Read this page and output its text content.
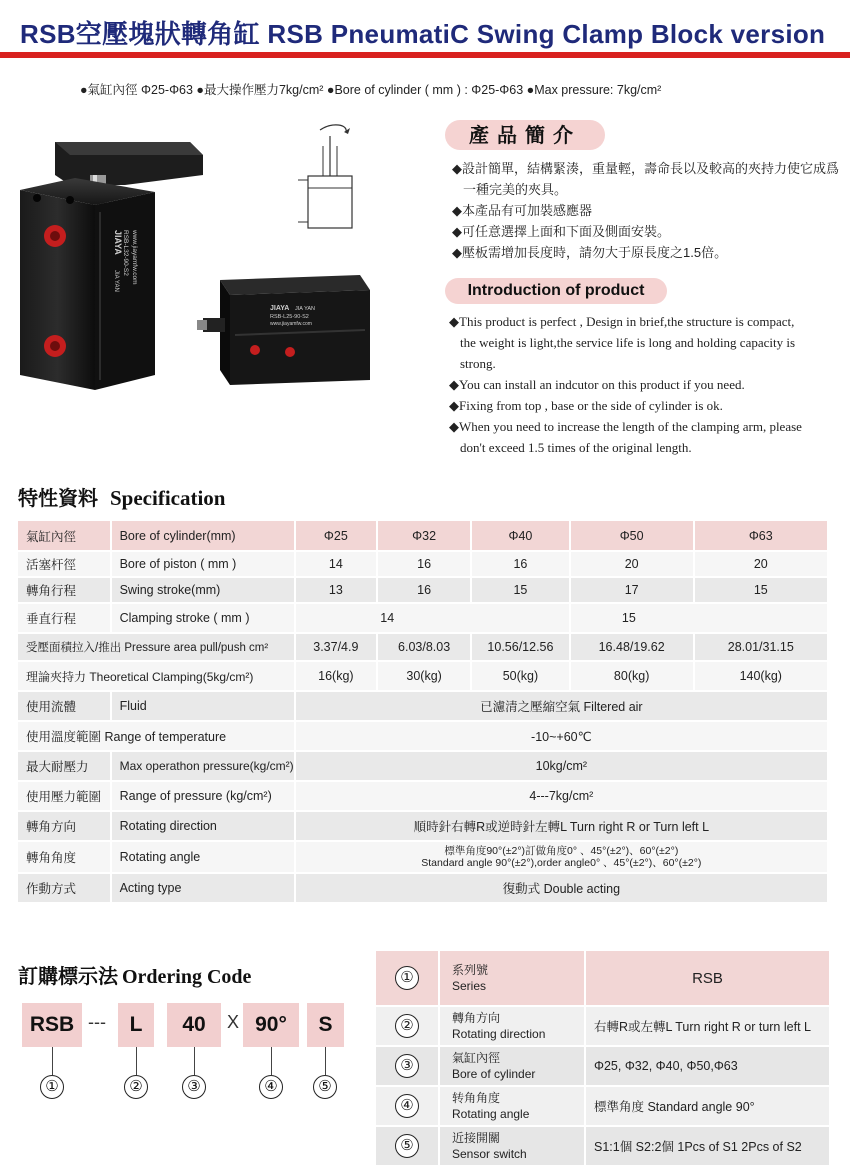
RSB空壓塊狀轉角缸 RSB PneumatiC Swing Clamp Block version
●氣缸內徑 Φ25-Φ63 ●最大操作壓力7kg/cm² ●Bore of cylinder ( mm ) : Φ25-Φ63 ●Max pressure: 7kg/cm²
JIAYA
JIA YAN
RSB-L32-90-S2 www.jiayamfw.com
JIAYA JIA YAN
RSB-L25-90-S2
www.jiayamfw.com
產品簡介
◆設計簡單，結構緊湊，重量輕，壽命長以及較高的夾持力使它成爲
一種完美的夾具。
◆本產品有可加裝感應器
◆可任意選擇上面和下面及側面安裝。
◆壓板需增加長度時，請勿大于原長度之1.5倍。
Introduction of product
◆This product is perfect , Design in brief,the structure is compact,
the weight is light,the service life is long and holding capacity is
strong.
◆You can install an indcutor on this product if you need.
◆Fixing from top , base or the side of cylinder is ok.
◆When you need to increase the length of the clamping arm, please
don't exceed 1.5 times of the original length.
特性資料 Specification
氣缸內徑	Bore of cylinder(mm)	Φ25	Φ32	Φ40	Φ50	Φ63
活塞杆徑	Bore of piston ( mm )	14	16	16	20	20
轉角行程	Swing stroke(mm)	13	16	15	17	15
垂直行程	Clamping stroke ( mm )	14			15	
受壓面積拉入/推出 Pressure area pull/push cm²		3.37/4.9	6.03/8.03	10.56/12.56	16.48/19.62	28.01/31.15
理論夾持力 Theoretical Clamping(5kg/cm²)		16(kg)	30(kg)	50(kg)	80(kg)	140(kg)
使用流體	Fluid	已濾清之壓縮空氣 Filtered air				
使用溫度範圍 Range of temperature		-10~+60℃				
最大耐壓力	Max operathon pressure(kg/cm²)	10kg/cm²				
使用壓力範圍	Range of pressure (kg/cm²)	4---7kg/cm²				
轉角方向	Rotating direction	順時針右轉R或逆時針左轉L Turn right R or Turn left L				
轉角角度	Rotating angle	標準角度90°(±2°)訂做角度0° 、45°(±2°)、60°(±2°)
Standard angle 90°(±2°),order angle0° 、45°(±2°)、60°(±2°)				

作動方式	Acting type	復動式 Double acting				
訂購標示法 Ordering Code
RSB ---	L	40	X 90°	S
①	②	③	④	⑤
①	系列號
Series	RSB
②	轉角方向
Rotating direction	右轉R或左轉L Turn right R or turn left L
③	氣缸內徑
Bore of cylinder	Φ25, Φ32, Φ40, Φ50,Φ63
④	转角角度
Rotating angle	標準角度 Standard angle 90°
⑤	近接開關
Sensor switch	S1:1個 S2:2個 1Pcs of S1 2Pcs of S2
